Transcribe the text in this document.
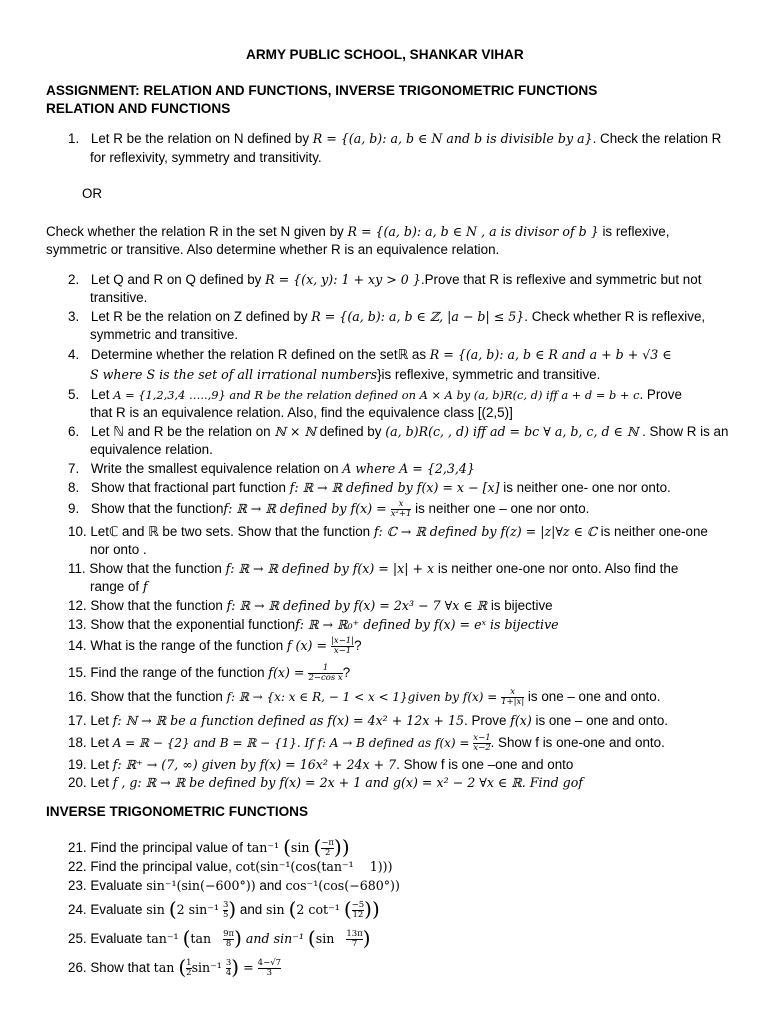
ARMY PUBLIC SCHOOL, SHANKAR VIHAR
ASSIGNMENT: RELATION AND FUNCTIONS, INVERSE TRIGONOMETRIC FUNCTIONS
RELATION AND FUNCTIONS
1. Let R be the relation on N defined by R = {(a, b): a, b ∈ N and b is divisible by a}. Check the relation R
for reflexivity, symmetry and transitivity.
OR
Check whether the relation R in the set N given by R = {(a, b): a, b ∈ N , a is divisor of b } is reflexive,
symmetric or transitive. Also determine whether R is an equivalence relation.
2. Let Q and R on Q defined by R = {(x, y): 1 + xy > 0 }.Prove that R is reflexive and symmetric but not
transitive.
3. Let R be the relation on Z defined by R = {(a, b): a, b ∈ ℤ, |a − b| ≤ 5}. Check whether R is reflexive,
symmetric and transitive.
4. Determine whether the relation R defined on the setℝ as R = {(a, b): a, b ∈ R and a + b + √3 ∈
S where S is the set of all irrational numbers}is reflexive, symmetric and transitive.
5. Let A = {1,2,3,4 …..,9} and R be the relation defined on A × A by (a, b)R(c, d) iff a + d = b + c. Prove
that R is an equivalence relation. Also, find the equivalence class [(2,5)]
6. Let ℕ and R be the relation on ℕ × ℕ defined by (a, b)R(c, , d) iff ad = bc ∀ a, b, c, d ∈ ℕ . Show R is an
equivalence relation.
7. Write the smallest equivalence relation on A where A = {2,3,4}
8. Show that fractional part function f: ℝ → ℝ defined by f(x) = x − [x] is neither one- one nor onto.
9. Show that the functionf: ℝ → ℝ defined by $f(x) = \frac{x}{\text{x²+1}}$ is neither one – one nor onto.
10. Letℂ and ℝ be two sets. Show that the function f: ℂ → ℝ defined by f(z) = |z|∀z ∈ ℂ is neither one-one
nor onto .
11. Show that the function f: ℝ → ℝ defined by f(x) = |x| + x is neither one-one nor onto. Also find the
range of f
12. Show that the function f: ℝ → ℝ defined by f(x) = 2x³ − 7 ∀x ∈ ℝ is bijective
13. Show that the exponential functionf: ℝ → ℝ₀⁺ defined by f(x) = eˣ is bijective
14. What is the range of the function f $(x) = \frac{|x-1|}{x-1}$ ?
15. Find the range of the function $f(x) = \frac{1}{\text{2−cos x}}$ ?
16. Show that the function f: ℝ → {x: x ∈ R, − 1 < x < 1}given by $f(x) = \frac{x}{1+|x|}$ is one – one and onto.
17. Let f: ℕ → ℝ be a function defined as f(x) = 4x² + 12x + 15. Prove f(x) is one – one and onto.
18. Let A = ℝ − {2} and B = ℝ − {1}. If f: A → B defined as $f(x) = \frac{x-1}{x-2}$ . Show f is one-one and onto.
19. Let f: ℝ⁺ → (7, ∞) given by f(x) = 16x² + 24x + 7. Show f is one –one and onto
20. Let f , g: ℝ → ℝ be defined by f(x) = 2x + 1 and g(x) = x² − 2 ∀x ∈ ℝ. Find gof
INVERSE TRIGONOMETRIC FUNCTIONS
21. Find the principal value of tan⁻¹ (sin ( $\frac{-\pi}{2}$ ))
22. Find the principal value, cot(sin⁻¹(cos(tan⁻¹    1)))
23. Evaluate sin⁻¹(sin(−600°)) and cos⁻¹(cos(−680°))
24. Evaluate sin (2 $\sin^{-1} \frac{3}{5}$ ) and sin (2 cot⁻¹ ( $\frac{-5}{12}$ ))
25. Evaluate tan⁻¹ ($\tan \frac{9\pi}{8}$ ) and sin⁻¹ ($\sin \frac{13\pi}{7}$ )
26. Show that tan ( $\frac{1}{2} \sin^{-1} \frac{3}{4}$ ) = $\frac{4-√7}{3}$
